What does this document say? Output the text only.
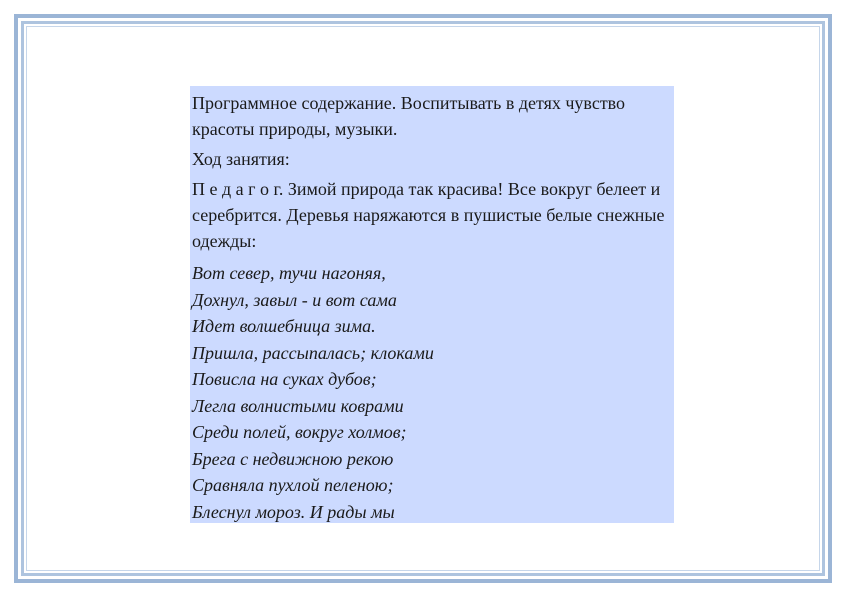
Программное содержание. Воспитывать в детях чувство красоты природы, музыки.

Ход занятия:

П е д а г о г. Зимой природа так красива! Все вокруг белеет и серебрится. Деревья наряжаются в пушистые белые снежные одежды:

Вот север, тучи нагоняя,
Дохнул, завыл - и вот сама
Идет волшебница зима.
Пришла, рассыпалась; клоками
Повисла на суках дубов;
Легла волнистыми коврами
Среди полей, вокруг холмов;
Брега с недвижною рекою
Сравняла пухлой пеленою;
Блеснул мороз. И рады мы
